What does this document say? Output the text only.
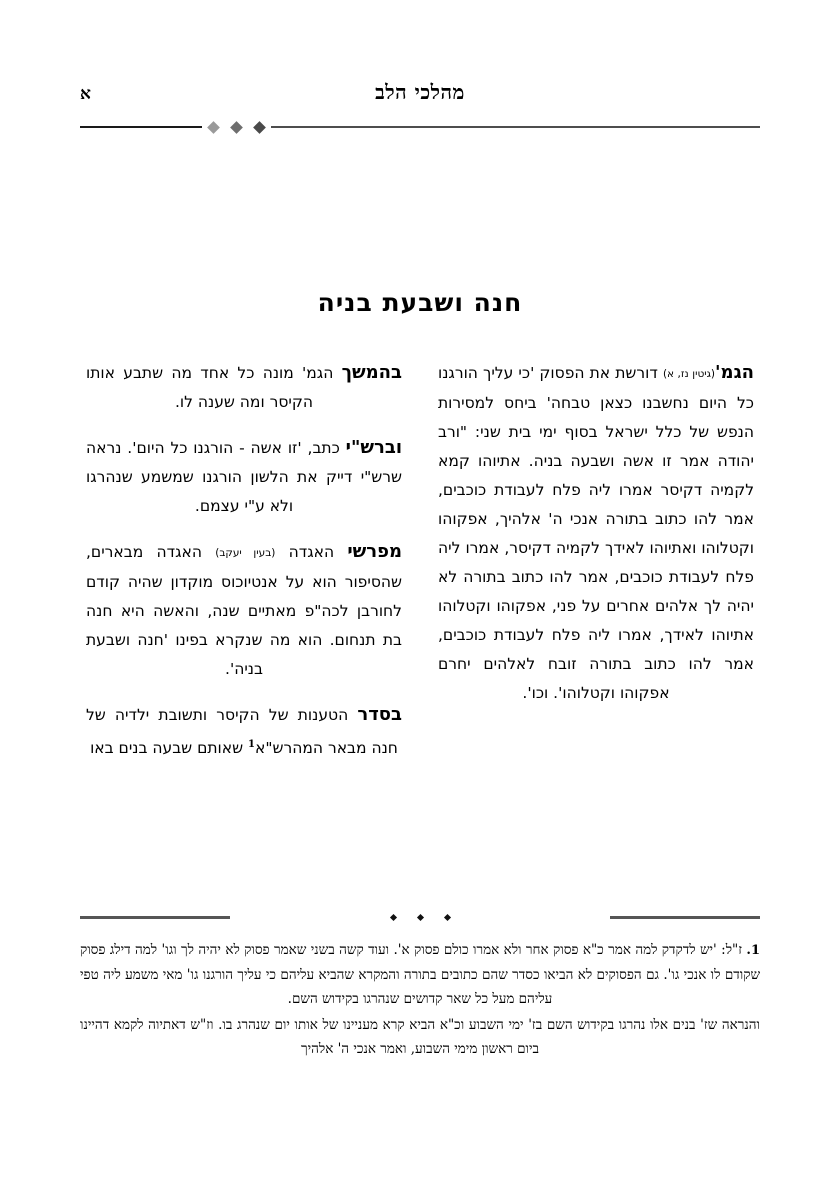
א	מהלכי הלב
חנה ושבעת בניה

הגמ'(גיטין נז, א) דורשת את הפסוק 'כי עליך הורגנו כל היום נחשבנו כצאן טבחה' ביחס למסירות הנפש של כלל ישראל בסוף ימי בית שני: "ורב יהודה אמר זו אשה ושבעה בניה. אתיוהו קמא לקמיה דקיסר אמרו ליה פלח לעבודת כוכבים, אמר להו כתוב בתורה אנכי ה' אלהיך, אפקוהו וקטלוהו ואתיוהו לאידך לקמיה דקיסר, אמרו ליה פלח לעבודת כוכבים, אמר להו כתוב בתורה לא יהיה לך אלהים אחרים על פני, אפקוהו וקטלוהו אתיוהו לאידך, אמרו ליה פלח לעבודת כוכבים, אמר להו כתוב בתורה זובח לאלהים יחרם אפקוהו וקטלוהו'. וכו'.

בהמשך הגמ' מונה כל אחד מה שתבע אותו הקיסר ומה שענה לו.

וברש"י כתב, 'זו אשה - הורגנו כל היום'. נראה שרש"י דייק את הלשון הורגנו שמשמע שנהרגו ולא ע"י עצמם.

מפרשי האגדה (בעין יעקב) האגדה מבארים, שהסיפור הוא על אנטיוכוס מוקדון שהיה קודם לחורבן לכה"פ מאתיים שנה, והאשה היא חנה בת תנחום. הוא מה שנקרא בפינו 'חנה ושבעת בניה'.

בסדר הטענות של הקיסר ותשובת ילדיה של חנה מבאר המהרש"א$^1$ שאותם שבעה בנים באו

1. ז"ל: 'יש לדקדק למה אמר כ"א פסוק אחר ולא אמרו כולם פסוק א'. ועוד קשה בשני שאמר פסוק לא יהיה לך וגו' למה דילג פסוק שקודם לו אנכי גו'. גם הפסוקים לא הביאו כסדר שהם כתובים בתורה והמקרא שהביא עליהם כי עליך הורגנו גו' מאי משמע ליה טפי עליהם מעל כל שאר קדושים שנהרגו בקידוש השם.

והנראה שז' בנים אלו נהרגו בקידוש השם בז' ימי השבוע וכ"א הביא קרא מעניינו של אותו יום שנהרג בו. וז"ש דאתיוה לקמא דהיינו ביום ראשון מימי השבוע, ואמר אנכי ה' אלהיך
